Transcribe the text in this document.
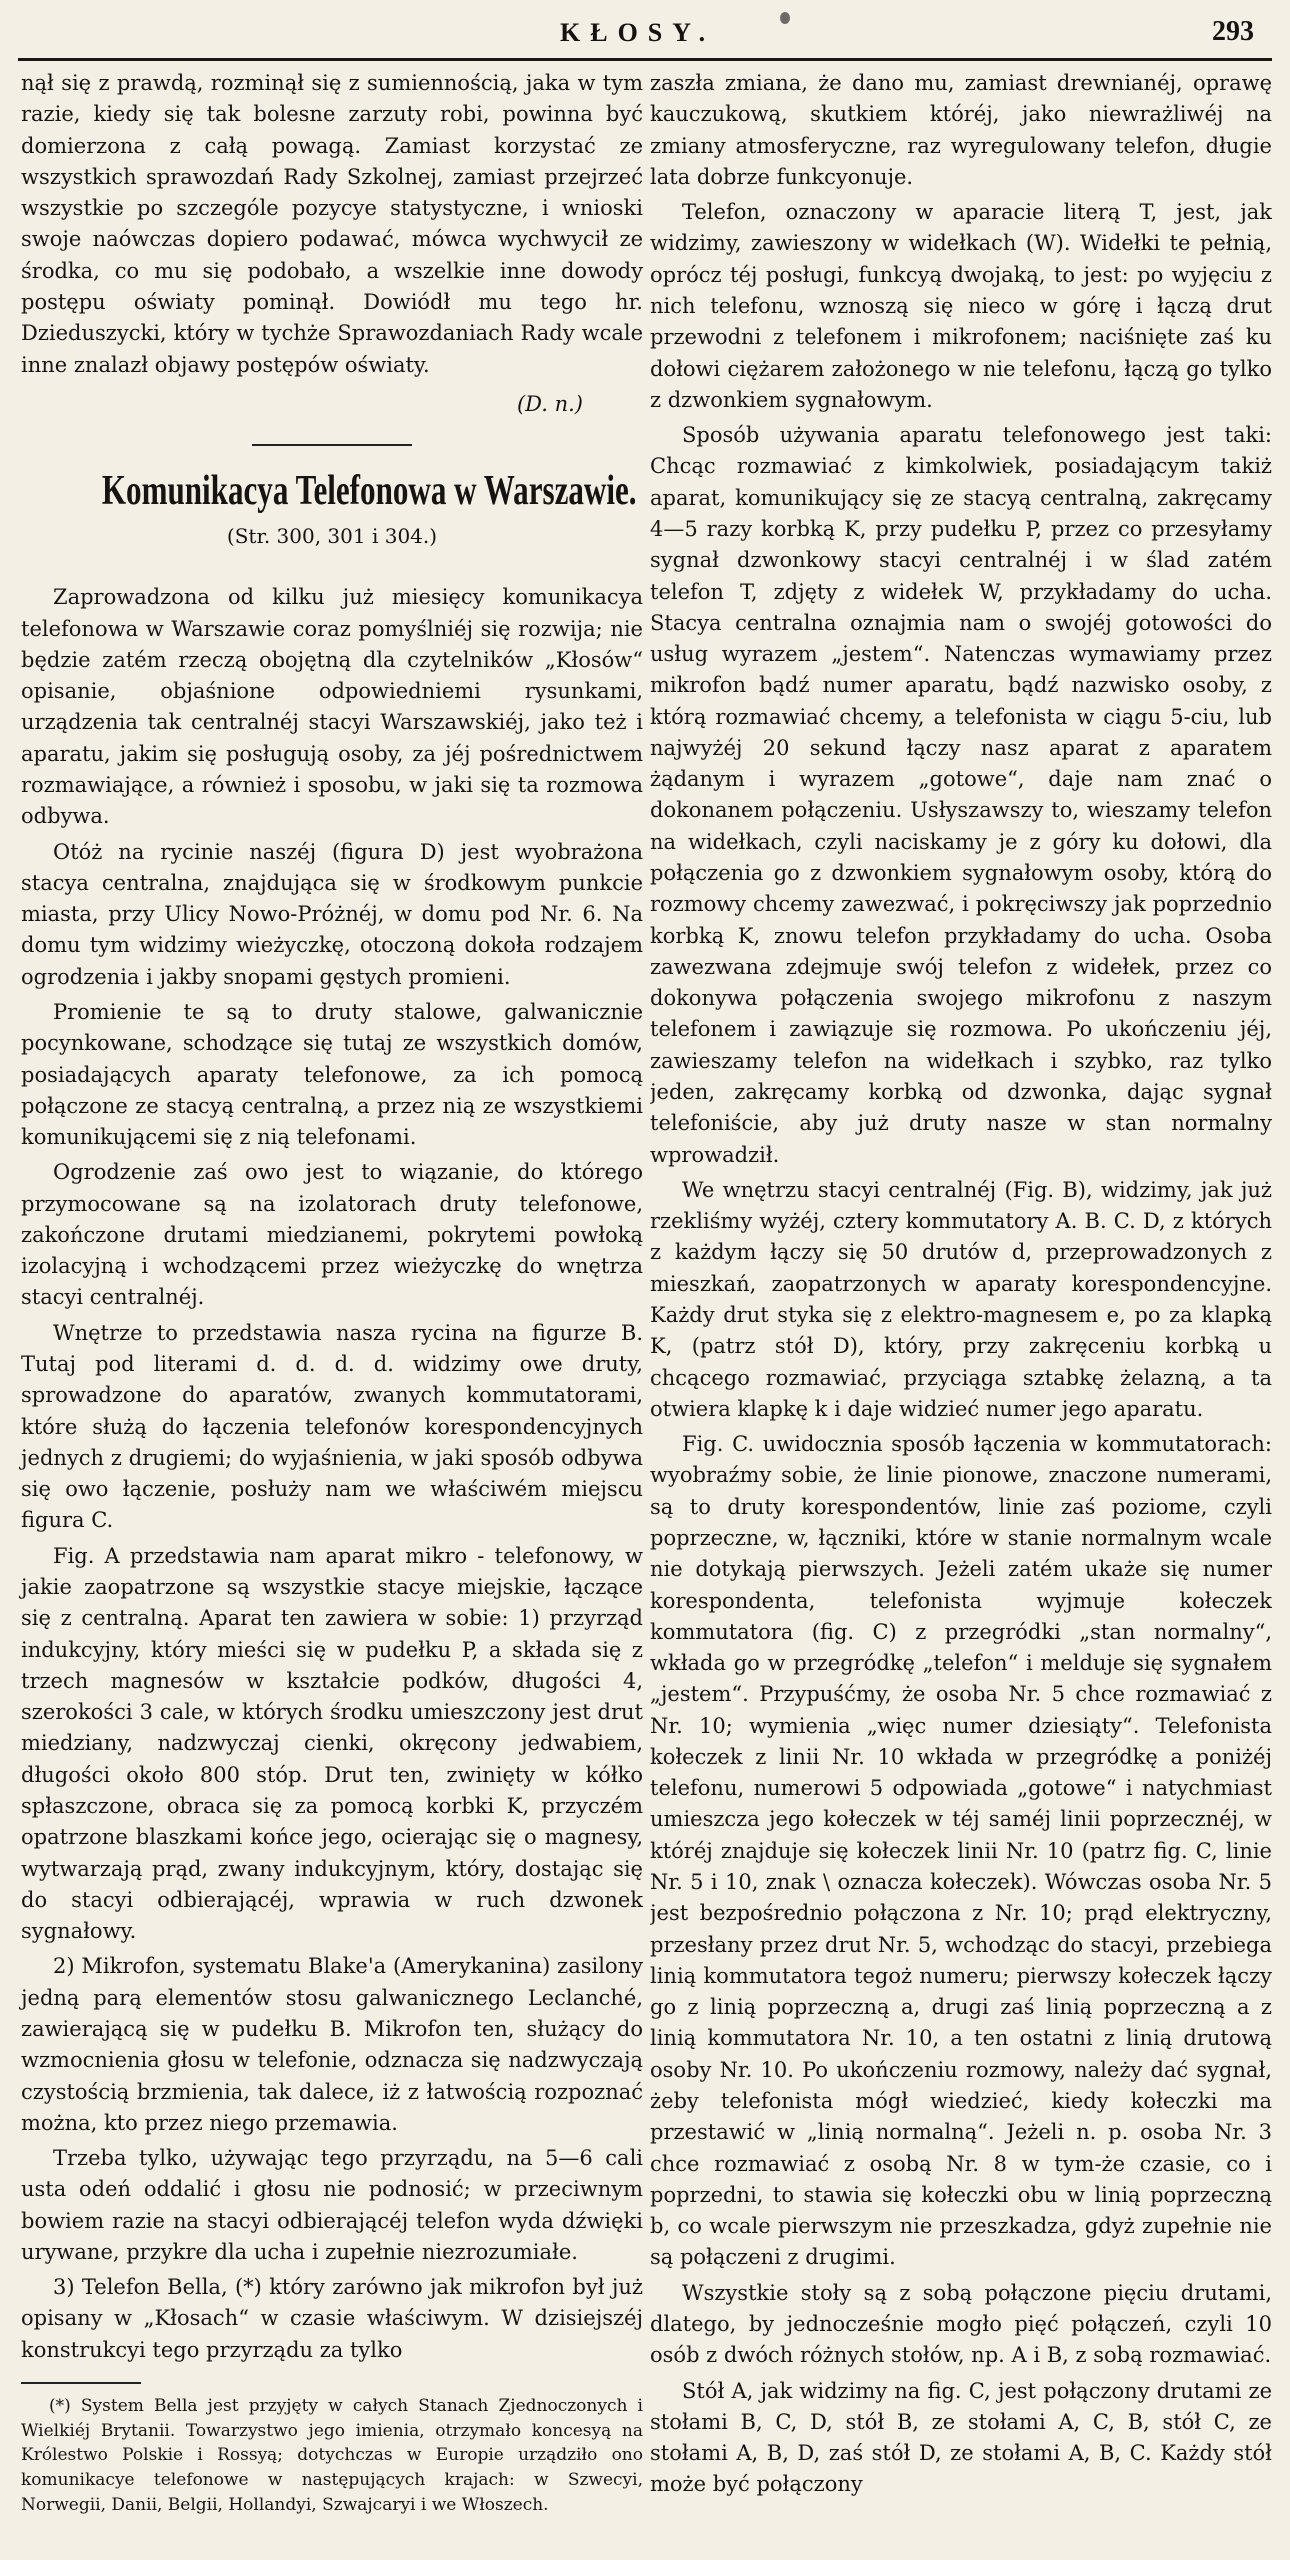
KŁOSY.	293

nął się z prawdą, rozminął się z sumiennością, jaka w tym razie, kiedy się tak bolesne zarzuty robi, powinna być domierzona z całą powagą. Zamiast korzystać ze wszystkich sprawozdań Rady Szkolnej, zamiast przejrzeć wszystkie po szczególe pozycye statystyczne, i wnioski swoje naówczas dopiero podawać, mówca wychwycił ze środka, co mu się podobało, a wszelkie inne dowody postępu oświaty pominął. Dowiódł mu tego hr. Dzieduszycki, który w tychże Sprawozdaniach Rady wcale inne znalazł objawy postępów oświaty.

(D. n.)
Komunikacya Telefonowa w Warszawie.
(Str. 300, 301 i 304.)

Zaprowadzona od kilku już miesięcy komunikacya telefonowa w Warszawie coraz pomyślniéj się rozwija; nie będzie zatém rzeczą obojętną dla czytelników „Kłosów“ opisanie, objaśnione odpowiedniemi rysunkami, urządzenia tak centralnéj stacyi Warszawskiéj, jako też i aparatu, jakim się posługują osoby, za jéj pośrednictwem rozmawiające, a również i sposobu, w jaki się ta rozmowa odbywa.

Otóż na rycinie naszéj (figura D) jest wyobrażona stacya centralna, znajdująca się w środkowym punkcie miasta, przy Ulicy Nowo-Próżnéj, w domu pod Nr. 6. Na domu tym widzimy wieżyczkę, otoczoną dokoła rodzajem ogrodzenia i jakby snopami gęstych promieni.

Promienie te są to druty stalowe, galwanicznie pocynkowane, schodzące się tutaj ze wszystkich domów, posiadających aparaty telefonowe, za ich pomocą połączone ze stacyą centralną, a przez nią ze wszystkiemi komunikującemi się z nią telefonami.

Ogrodzenie zaś owo jest to wiązanie, do którego przymocowane są na izolatorach druty telefonowe, zakończone drutami miedzianemi, pokrytemi powłoką izolacyjną i wchodzącemi przez wieżyczkę do wnętrza stacyi centralnéj.

Wnętrze to przedstawia nasza rycina na figurze B. Tutaj pod literami d. d. d. d. widzimy owe druty, sprowadzone do aparatów, zwanych kommutatorami, które służą do łączenia telefonów korespondencyjnych jednych z drugiemi; do wyjaśnienia, w jaki sposób odbywa się owo łączenie, posłuży nam we właściwém miejscu figura C.

Fig. A przedstawia nam aparat mikro - telefonowy, w jakie zaopatrzone są wszystkie stacye miejskie, łączące się z centralną. Aparat ten zawiera w sobie: 1) przyrząd indukcyjny, który mieści się w pudełku P, a składa się z trzech magnesów w kształcie podków, długości 4, szerokości 3 cale, w których środku umieszczony jest drut miedziany, nadzwyczaj cienki, okręcony jedwabiem, długości około 800 stóp. Drut ten, zwinięty w kółko spłaszczone, obraca się za pomocą korbki K, przyczém opatrzone blaszkami końce jego, ocierając się o magnesy, wytwarzają prąd, zwany indukcyjnym, który, dostając się do stacyi odbierającéj, wprawia w ruch dzwonek sygnałowy.

2) Mikrofon, systematu Blake'a (Amerykanina) zasilony jedną parą elementów stosu galwanicznego Leclanché, zawierającą się w pudełku B. Mikrofon ten, służący do wzmocnienia głosu w telefonie, odznacza się nadzwyczają czystością brzmienia, tak dalece, iż z łatwością rozpoznać można, kto przez niego przemawia.

Trzeba tylko, używając tego przyrządu, na 5—6 cali usta odeń oddalić i głosu nie podnosić; w przeciwnym bowiem razie na stacyi odbierającéj telefon wyda dźwięki urywane, przykre dla ucha i zupełnie niezrozumiałe.

3) Telefon Bella, (*) który zarówno jak mikrofon był już opisany w „Kłosach“ w czasie właściwym. W dzisiejszéj konstrukcyi tego przyrządu za tylko

(*) System Bella jest przyjęty w całych Stanach Zjednoczonych i Wielkiéj Brytanii. Towarzystwo jego imienia, otrzymało koncesyą na Królestwo Polskie i Rossyą; dotychczas w Europie urządziło ono komunikacye telefonowe w następujących krajach: w Szwecyi, Norwegii, Danii, Belgii, Hollandyi, Szwajcaryi i we Włoszech.

zaszła zmiana, że dano mu, zamiast drewnianéj, oprawę kauczukową, skutkiem któréj, jako niewrażliwéj na zmiany atmosferyczne, raz wyregulowany telefon, długie lata dobrze funkcyonuje.

Telefon, oznaczony w aparacie literą T, jest, jak widzimy, zawieszony w widełkach (W). Widełki te pełnią, oprócz téj posługi, funkcyą dwojaką, to jest: po wyjęciu z nich telefonu, wznoszą się nieco w górę i łączą drut przewodni z telefonem i mikrofonem; naciśnięte zaś ku dołowi ciężarem założonego w nie telefonu, łączą go tylko z dzwonkiem sygnałowym.

Sposób używania aparatu telefonowego jest taki: Chcąc rozmawiać z kimkolwiek, posiadającym takiż aparat, komunikujący się ze stacyą centralną, zakręcamy 4—5 razy korbką K, przy pudełku P, przez co przesyłamy sygnał dzwonkowy stacyi centralnéj i w ślad zatém telefon T, zdjęty z widełek W, przykładamy do ucha. Stacya centralna oznajmia nam o swojéj gotowości do usług wyrazem „jestem“. Natenczas wymawiamy przez mikrofon bądź numer aparatu, bądź nazwisko osoby, z którą rozmawiać chcemy, a telefonista w ciągu 5-ciu, lub najwyżéj 20 sekund łączy nasz aparat z aparatem żądanym i wyrazem „gotowe“, daje nam znać o dokonanem połączeniu. Usłyszawszy to, wieszamy telefon na widełkach, czyli naciskamy je z góry ku dołowi, dla połączenia go z dzwonkiem sygnałowym osoby, którą do rozmowy chcemy zawezwać, i pokręciwszy jak poprzednio korbką K, znowu telefon przykładamy do ucha. Osoba zawezwana zdejmuje swój telefon z widełek, przez co dokonywa połączenia swojego mikrofonu z naszym telefonem i zawiązuje się rozmowa. Po ukończeniu jéj, zawieszamy telefon na widełkach i szybko, raz tylko jeden, zakręcamy korbką od dzwonka, dając sygnał telefoniście, aby już druty nasze w stan normalny wprowadził.

We wnętrzu stacyi centralnéj (Fig. B), widzimy, jak już rzekliśmy wyżéj, cztery kommutatory A. B. C. D, z których z każdym łączy się 50 drutów d, przeprowadzonych z mieszkań, zaopatrzonych w aparaty korespondencyjne. Każdy drut styka się z elektro-magnesem e, po za klapką K, (patrz stół D), który, przy zakręceniu korbką u chcącego rozmawiać, przyciąga sztabkę żelazną, a ta otwiera klapkę k i daje widzieć numer jego aparatu.

Fig. C. uwidocznia sposób łączenia w kommutatorach: wyobraźmy sobie, że linie pionowe, znaczone numerami, są to druty korespondentów, linie zaś poziome, czyli poprzeczne, w, łączniki, które w stanie normalnym wcale nie dotykają pierwszych. Jeżeli zatém ukaże się numer korespondenta, telefonista wyjmuje kołeczek kommutatora (fig. C) z przegródki „stan normalny“, wkłada go w przegródkę „telefon“ i melduje się sygnałem „jestem“. Przypuśćmy, że osoba Nr. 5 chce rozmawiać z Nr. 10; wymienia „więc numer dziesiąty“. Telefonista kołeczek z linii Nr. 10 wkłada w przegródkę a poniżéj telefonu, numerowi 5 odpowiada „gotowe“ i natychmiast umieszcza jego kołeczek w téj saméj linii poprzecznéj, w któréj znajduje się kołeczek linii Nr. 10 (patrz fig. C, linie Nr. 5 i 10, znak \ oznacza kołeczek). Wówczas osoba Nr. 5 jest bezpośrednio połączona z Nr. 10; prąd elektryczny, przesłany przez drut Nr. 5, wchodząc do stacyi, przebiega linią kommutatora tegoż numeru; pierwszy kołeczek łączy go z linią poprzeczną a, drugi zaś linią poprzeczną a z linią kommutatora Nr. 10, a ten ostatni z linią drutową osoby Nr. 10. Po ukończeniu rozmowy, należy dać sygnał, żeby telefonista mógł wiedzieć, kiedy kołeczki ma przestawić w „linią normalną“. Jeżeli n. p. osoba Nr. 3 chce rozmawiać z osobą Nr. 8 w tym-że czasie, co i poprzedni, to stawia się kołeczki obu w linią poprzeczną b, co wcale pierwszym nie przeszkadza, gdyż zupełnie nie są połączeni z drugimi.

Wszystkie stoły są z sobą połączone pięciu drutami, dlatego, by jednocześnie mogło pięć połączeń, czyli 10 osób z dwóch różnych stołów, np. A i B, z sobą rozmawiać.

Stół A, jak widzimy na fig. C, jest połączony drutami ze stołami B, C, D, stół B, ze stołami A, C, B, stół C, ze stołami A, B, D, zaś stół D, ze stołami A, B, C. Każdy stół może być połączony
